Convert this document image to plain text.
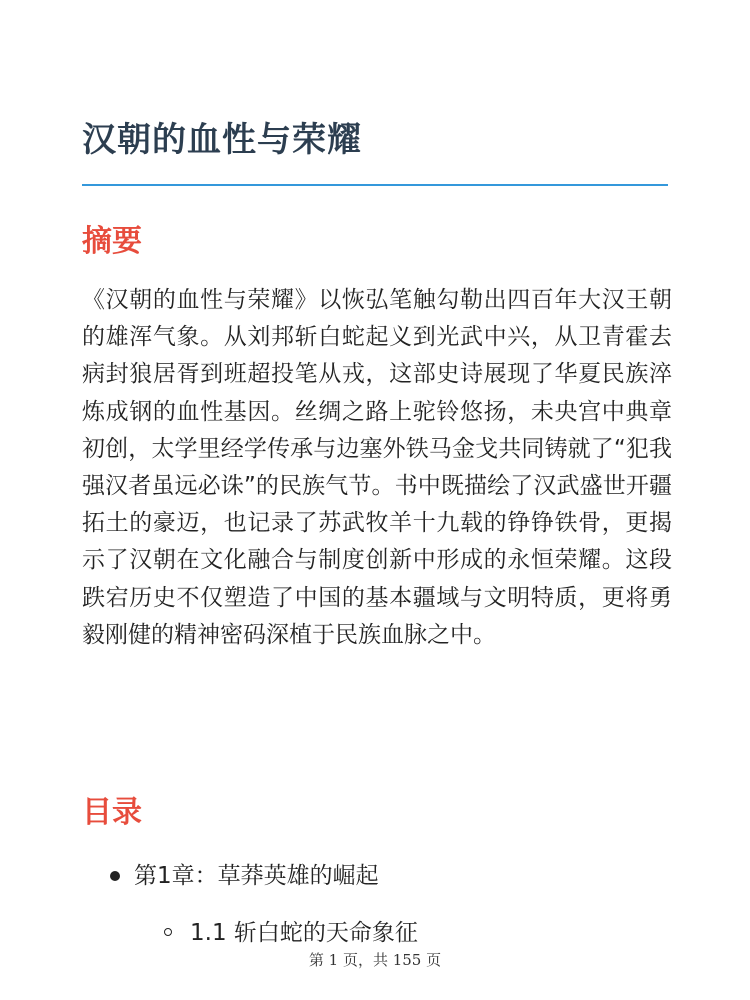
汉朝的血性与荣耀
摘要

《汉朝的血性与荣耀》以恢弘笔触勾勒出四百年大汉王朝的雄浑气象。从刘邦斩白蛇起义到光武中兴，从卫青霍去病封狼居胥到班超投笔从戎，这部史诗展现了华夏民族淬炼成钢的血性基因。丝绸之路上驼铃悠扬，未央宫中典章初创，太学里经学传承与边塞外铁马金戈共同铸就了“犯我强汉者虽远必诛”的民族气节。书中既描绘了汉武盛世开疆拓土的豪迈，也记录了苏武牧羊十九载的铮铮铁骨，更揭示了汉朝在文化融合与制度创新中形成的永恒荣耀。这段跌宕历史不仅塑造了中国的基本疆域与文明特质，更将勇毅刚健的精神密码深植于民族血脉之中。

目录
第1章：草莽英雄的崛起
1.1 斩白蛇的天命象征
第 1 页，共 155 页
